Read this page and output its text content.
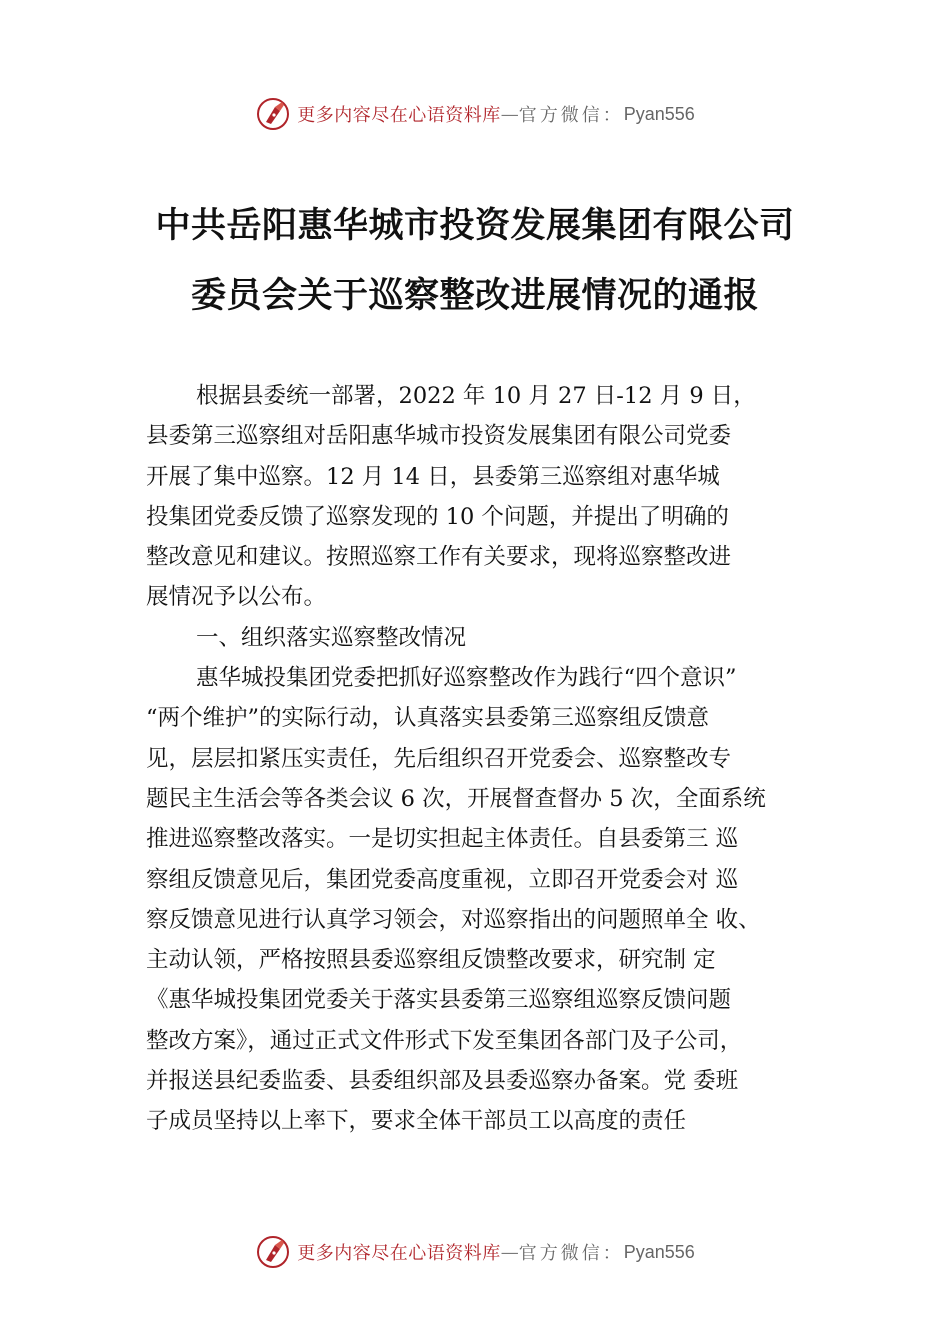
更多内容尽在心语资料库 — 官方微信： Pyan556
中共岳阳惠华城市投资发展集团有限公司
委员会关于巡察整改进展情况的通报
根据县委统一部署，2022 年 10 月 27 日-12 月 9 日，
县委第三巡察组对岳阳惠华城市投资发展集团有限公司党委
开展了集中巡察。12 月 14 日，县委第三巡察组对惠华城
投集团党委反馈了巡察发现的 10 个问题，并提出了明确的
整改意见和建议。按照巡察工作有关要求，现将巡察整改进
展情况予以公布。
一、组织落实巡察整改情况
惠华城投集团党委把抓好巡察整改作为践行“四个意识”
“两个维护”的实际行动，认真落实县委第三巡察组反馈意
见，层层扣紧压实责任，先后组织召开党委会、巡察整改专
题民主生活会等各类会议 6 次，开展督查督办 5 次，全面系统
推进巡察整改落实。一是切实担起主体责任。自县委第三 巡
察组反馈意见后，集团党委高度重视，立即召开党委会对 巡
察反馈意见进行认真学习领会，对巡察指出的问题照单全 收、
主动认领，严格按照县委巡察组反馈整改要求，研究制 定
《惠华城投集团党委关于落实县委第三巡察组巡察反馈问题
整改方案》，通过正式文件形式下发至集团各部门及子公司，
并报送县纪委监委、县委组织部及县委巡察办备案。党 委班
子成员坚持以上率下，要求全体干部员工以高度的责任
更多内容尽在心语资料库 — 官方微信： Pyan556
